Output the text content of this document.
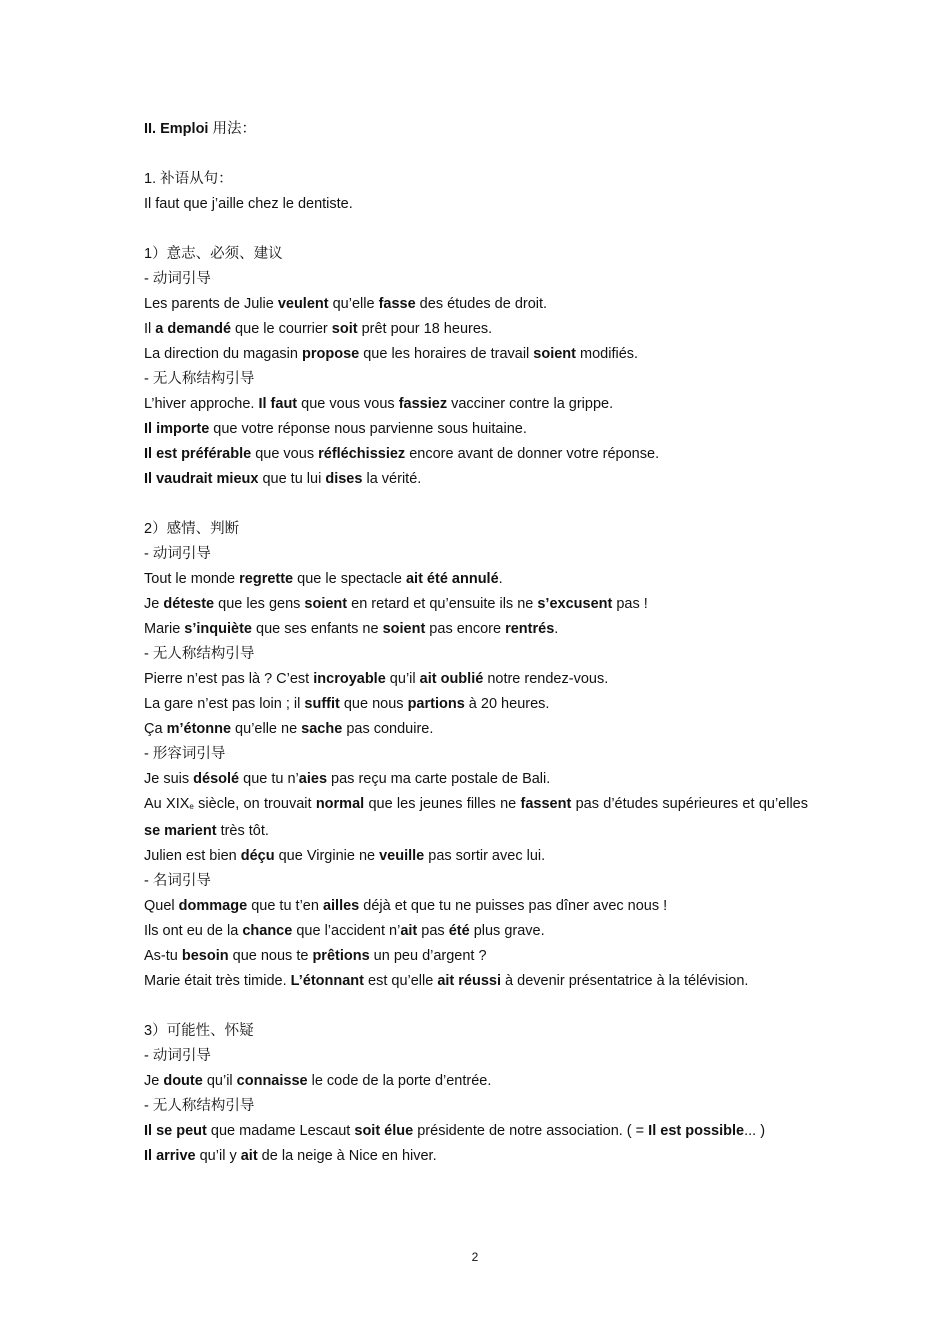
II. Emploi 用法：
1. 补语从句：
Il faut que j’aille chez le dentiste.
1）意志、必须、建议
- 动词引导
Les parents de Julie veulent qu’elle fasse des études de droit.
Il a demandé que le courrier soit prêt pour 18 heures.
La direction du magasin propose que les horaires de travail soient modifiés.
- 无人称结构引导
L’hiver approche. Il faut que vous vous fassiez vacciner contre la grippe.
Il importe que votre réponse nous parvienne sous huitaine.
Il est préférable que vous réfléchissiez encore avant de donner votre réponse.
Il vaudrait mieux que tu lui dises la vérité.
2）感情、判断
- 动词引导
Tout le monde regrette que le spectacle ait été annulé.
Je déteste que les gens soient en retard et qu’ensuite ils ne s’excusent pas !
Marie s’inquiète que ses enfants ne soient pas encore rentrés.
- 无人称结构引导
Pierre n’est pas là ? C’est incroyable qu’il ait oublié notre rendez-vous.
La gare n’est pas loin ; il suffit que nous partions à 20 heures.
Ça m’étonne qu’elle ne sache pas conduire.
- 形容词引导
Je suis désolé que tu n’aies pas reçu ma carte postale de Bali.
Au XIXe siècle, on trouvait normal que les jeunes filles ne fassent pas d’études supérieures et qu’elles se marient très tôt.
Julien est bien déçu que Virginie ne veuille pas sortir avec lui.
- 名词引导
Quel dommage que tu t’en ailles déjà et que tu ne puisses pas dîner avec nous !
Ils ont eu de la chance que l’accident n’ait pas été plus grave.
As-tu besoin que nous te prêtions un peu d’argent ?
Marie était très timide. L’étonnant est qu’elle ait réussi à devenir présentatrice à la télévision.
3）可能性、怀疑
- 动词引导
Je doute qu’il connaisse le code de la porte d’entrée.
- 无人称结构引导
Il se peut que madame Lescaut soit élue présidente de notre association. ( = Il est possible... )
Il arrive qu’il y ait de la neige à Nice en hiver.
2
